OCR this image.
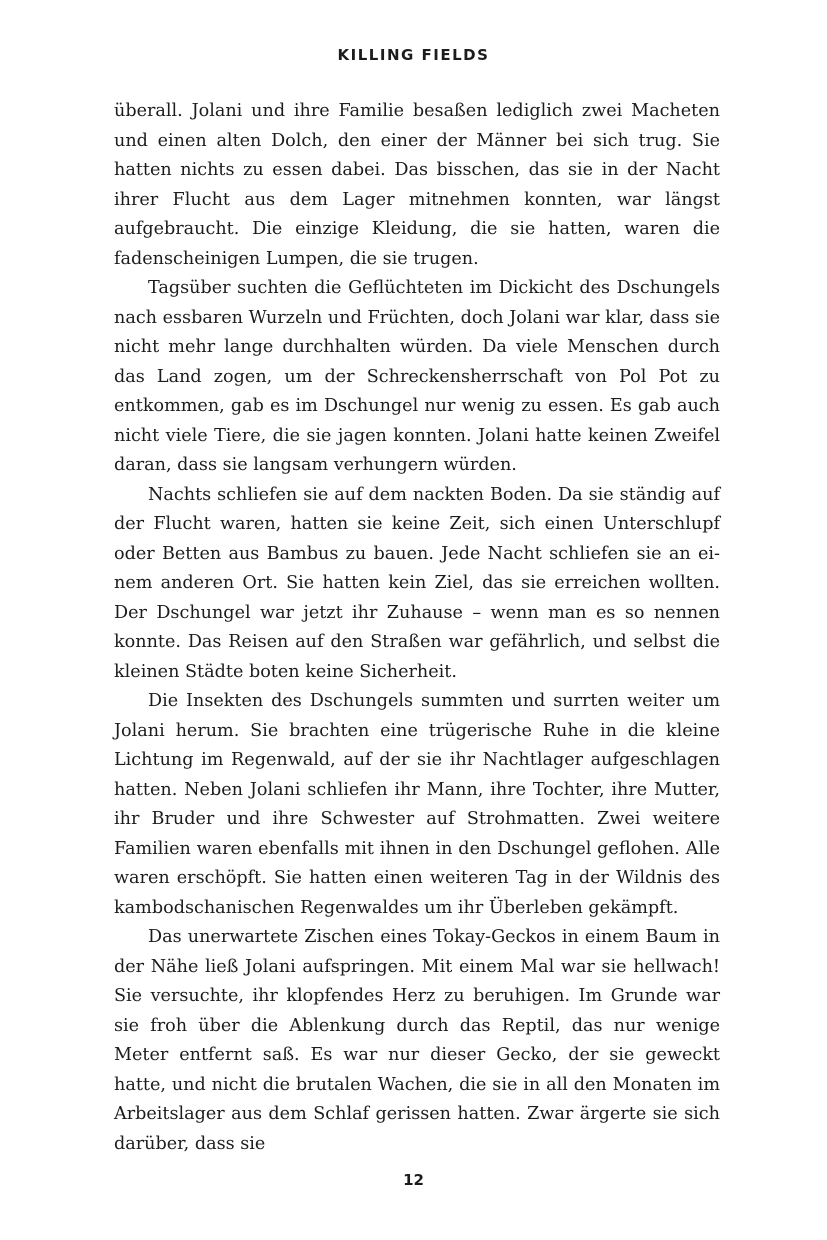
KILLING FIELDS

überall. Jolani und ihre Familie besaßen lediglich zwei Macheten und einen alten Dolch, den einer der Männer bei sich trug. Sie hatten nichts zu essen dabei. Das bisschen, das sie in der Nacht ihrer Flucht aus dem Lager mitnehmen konnten, war längst aufgebraucht. Die einzige Kleidung, die sie hatten, waren die fadenscheinigen Lumpen, die sie trugen.

Tagsüber suchten die Geflüchteten im Dickicht des Dschungels nach essbaren Wurzeln und Früchten, doch Jolani war klar, dass sie nicht mehr lange durchhalten würden. Da viele Menschen durch das Land zogen, um der Schreckensherrschaft von Pol Pot zu entkommen, gab es im Dschungel nur wenig zu essen. Es gab auch nicht viele Tiere, die sie jagen konnten. Jolani hatte keinen Zweifel daran, dass sie langsam verhungern würden.

Nachts schliefen sie auf dem nackten Boden. Da sie ständig auf der Flucht waren, hatten sie keine Zeit, sich einen Unterschlupf oder Betten aus Bambus zu bauen. Jede Nacht schliefen sie an einem anderen Ort. Sie hatten kein Ziel, das sie erreichen wollten. Der Dschungel war jetzt ihr Zuhause – wenn man es so nennen konnte. Das Reisen auf den Straßen war gefährlich, und selbst die kleinen Städte boten keine Sicherheit.

Die Insekten des Dschungels summten und surrten weiter um Jolani herum. Sie brachten eine trügerische Ruhe in die kleine Lichtung im Regenwald, auf der sie ihr Nachtlager aufgeschlagen hatten. Neben Jolani schliefen ihr Mann, ihre Tochter, ihre Mutter, ihr Bruder und ihre Schwester auf Strohmatten. Zwei weitere Familien waren ebenfalls mit ihnen in den Dschungel geflohen. Alle waren erschöpft. Sie hatten einen weiteren Tag in der Wildnis des kambodschanischen Regenwaldes um ihr Überleben gekämpft.

Das unerwartete Zischen eines Tokay-Geckos in einem Baum in der Nähe ließ Jolani aufspringen. Mit einem Mal war sie hellwach! Sie versuchte, ihr klopfendes Herz zu beruhigen. Im Grunde war sie froh über die Ablenkung durch das Reptil, das nur wenige Meter entfernt saß. Es war nur dieser Gecko, der sie geweckt hatte, und nicht die brutalen Wachen, die sie in all den Monaten im Arbeitslager aus dem Schlaf gerissen hatten. Zwar ärgerte sie sich darüber, dass sie

12
